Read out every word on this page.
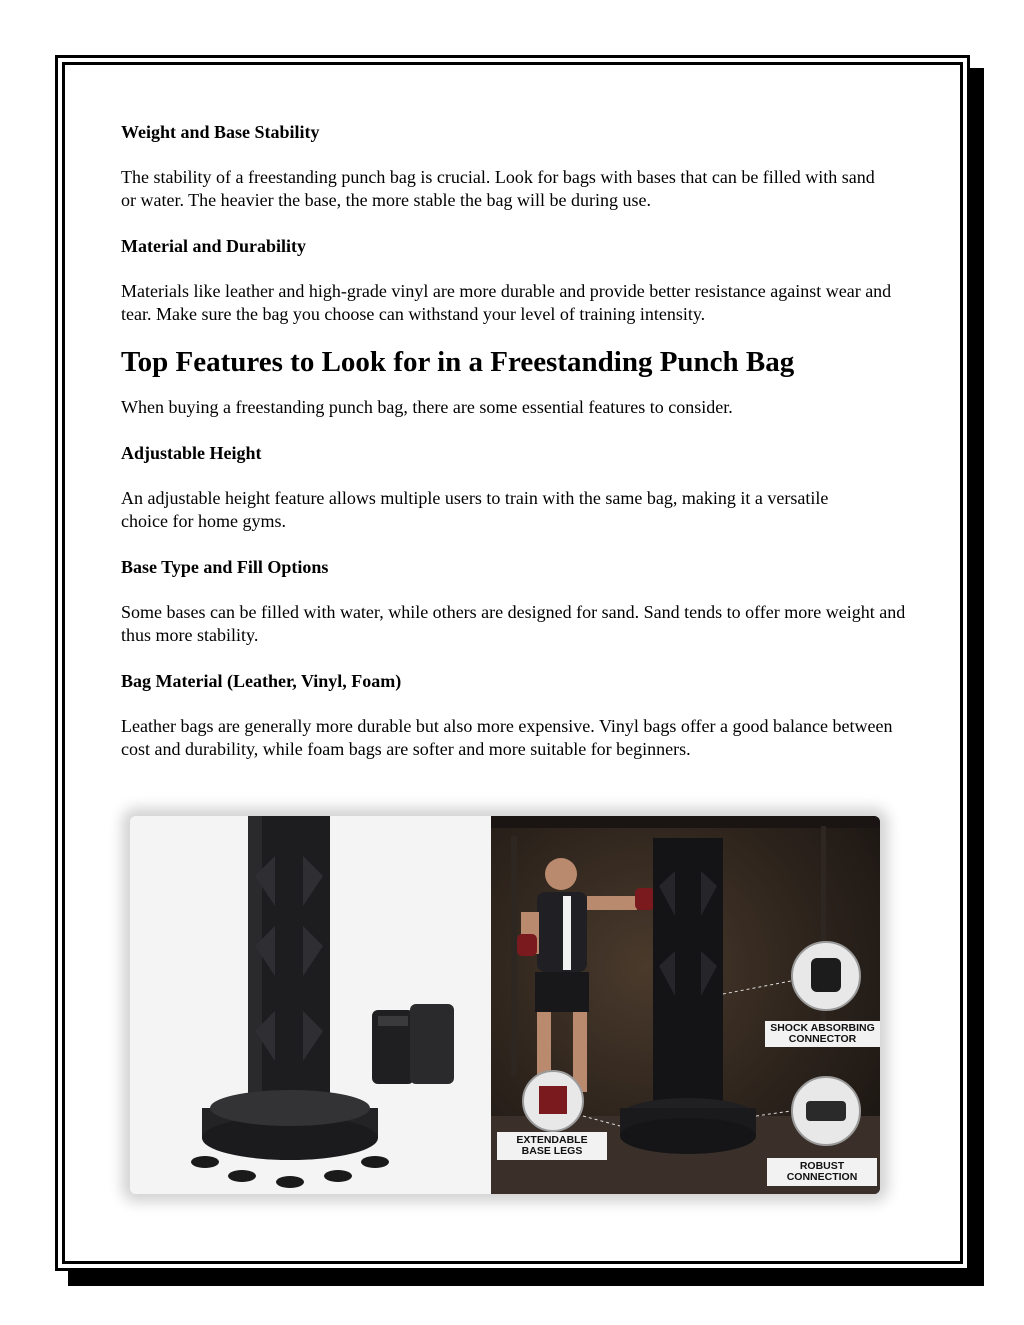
Weight and Base Stability

The stability of a freestanding punch bag is crucial. Look for bags with bases that can be filled with sand or water. The heavier the base, the more stable the bag will be during use.

Material and Durability

Materials like leather and high-grade vinyl are more durable and provide better resistance against wear and tear. Make sure the bag you choose can withstand your level of training intensity.

Top Features to Look for in a Freestanding Punch Bag

When buying a freestanding punch bag, there are some essential features to consider.

Adjustable Height

An adjustable height feature allows multiple users to train with the same bag, making it a versatile choice for home gyms.

Base Type and Fill Options

Some bases can be filled with water, while others are designed for sand. Sand tends to offer more weight and thus more stability.

Bag Material (Leather, Vinyl, Foam)

Leather bags are generally more durable but also more expensive. Vinyl bags offer a good balance between cost and durability, while foam bags are softer and more suitable for beginners.

SHOCK ABSORBING CONNECTOR
EXTENDABLE BASE LEGS
ROBUST CONNECTION
